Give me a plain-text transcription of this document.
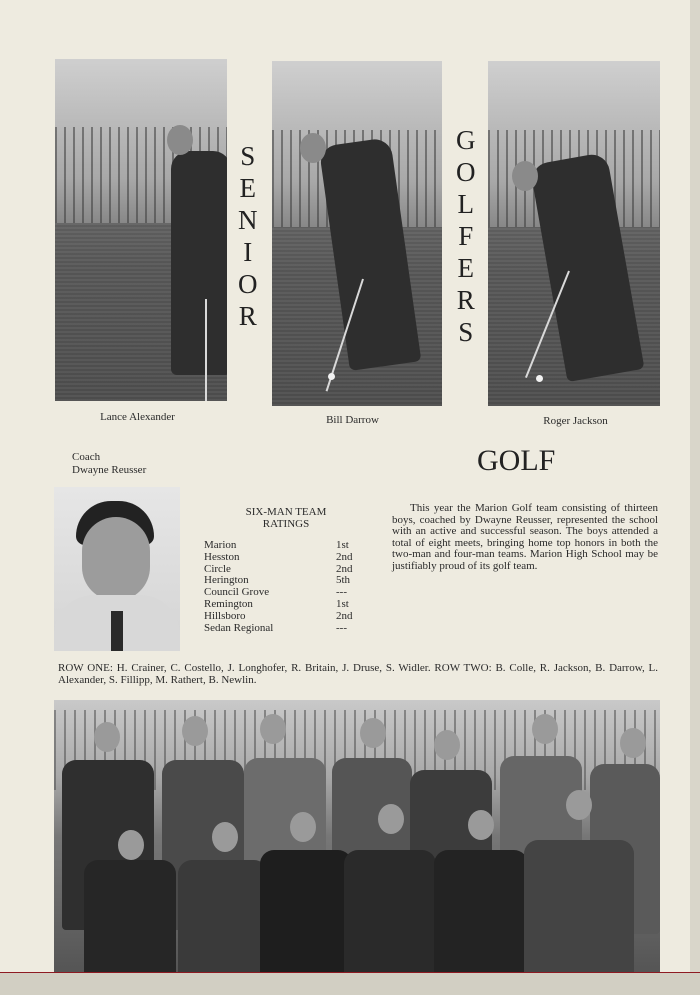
S
E
N
I
O
R
G
O
L
F
E
R
S
Lance Alexander	Bill Darrow	Roger Jackson
Coach
Dwayne Reusser	GOLF
SIX-MAN TEAM
RATINGS
Marion	1st
Hesston	2nd
Circle	2nd
Herington	5th
Council Grove	---
Remington	1st
Hillsboro	2nd
Sedan Regional	---
This year the Marion Golf team consisting of thirteen boys, coached by Dwayne Reusser, represented the school with an active and successful season. The boys attended a total of eight meets, bringing home top honors in both the two-man and four-man teams. Marion High School may be justifiably proud of its golf team.
ROW ONE: H. Crainer, C. Costello, J. Longhofer, R. Britain, J. Druse, S. Widler. ROW TWO: B. Colle, R. Jackson, B. Darrow, L. Alexander, S. Fillipp, M. Rathert, B. Newlin.
